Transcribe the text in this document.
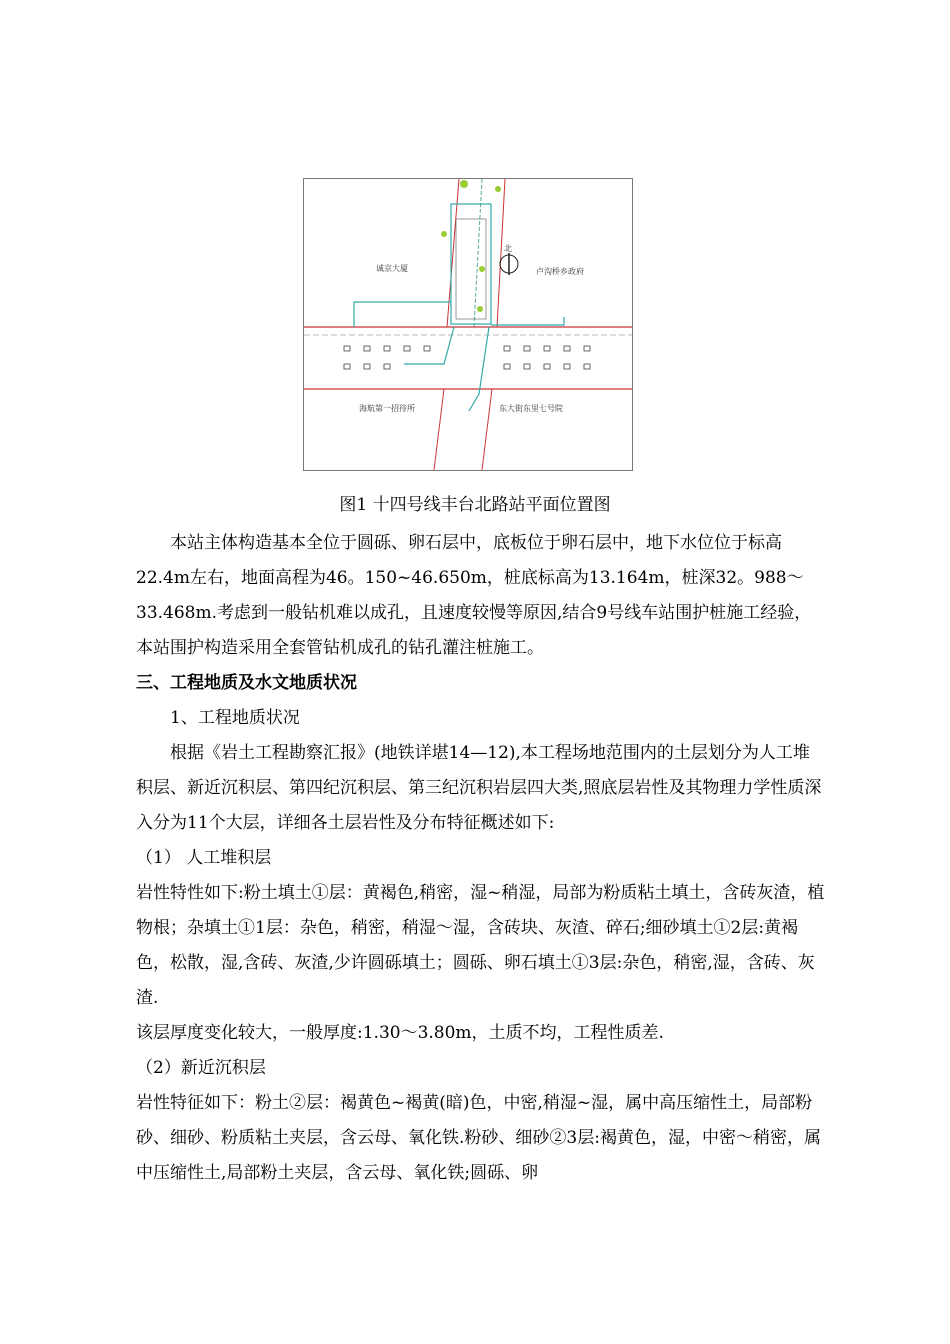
北
诚京大厦	卢沟桥乡政府
海航第一招待所	东大街东里七号院
图1 十四号线丰台北路站平面位置图

本站主体构造基本全位于圆砾、卵石层中，底板位于卵石层中，地下水位位于标高22.4m左右，地面高程为46。150~46.650m，桩底标高为13.164m，桩深32。988～33.468m.考虑到一般钻机难以成孔，且速度较慢等原因,结合9号线车站围护桩施工经验，本站围护构造采用全套管钻机成孔的钻孔灌注桩施工。

三、工程地质及水文地质状况

1、工程地质状况

根据《岩土工程勘察汇报》(地铁详堪14—12),本工程场地范围内的土层划分为人工堆积层、新近沉积层、第四纪沉积层、第三纪沉积岩层四大类,照底层岩性及其物理力学性质深入分为11个大层，详细各土层岩性及分布特征概述如下:

（1） 人工堆积层

岩性特性如下:粉土填土①层：黄褐色,稍密，湿~稍湿，局部为粉质粘土填土，含砖灰渣，植物根；杂填土①1层：杂色，稍密，稍湿～湿，含砖块、灰渣、碎石;细砂填土①2层:黄褐色，松散，湿,含砖、灰渣,少许圆砾填土；圆砾、卵石填土①3层:杂色，稍密,湿，含砖、灰渣.

该层厚度变化较大，一般厚度:1.30～3.80m，土质不均，工程性质差.

（2）新近沉积层

岩性特征如下：粉土②层：褐黄色~褐黄(暗)色，中密,稍湿~湿，属中高压缩性土，局部粉砂、细砂、粉质粘土夹层，含云母、氧化铁.粉砂、细砂②3层:褐黄色，湿，中密～稍密，属中压缩性土,局部粉土夹层，含云母、氧化铁;圆砾、卵
